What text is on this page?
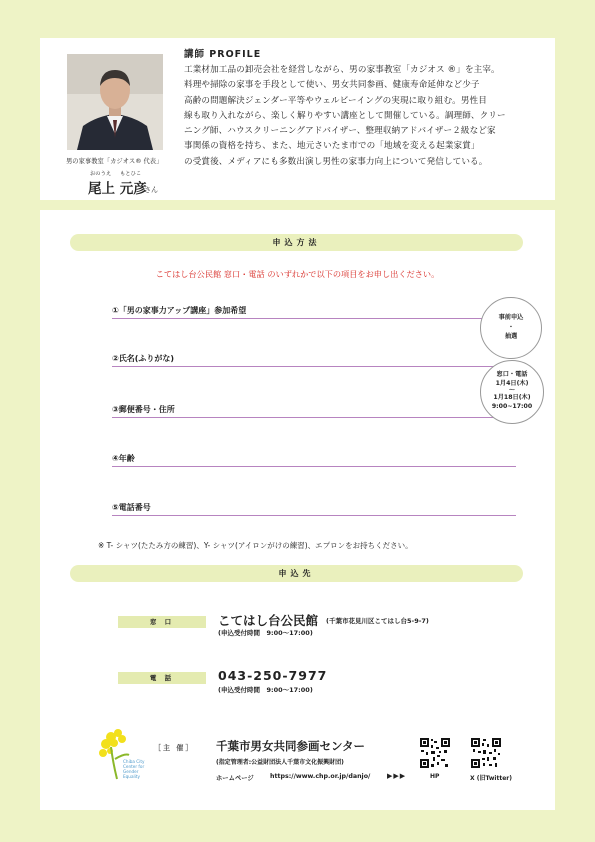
男の家事教室「カジオス® 代表」
おのうえ もとひこ
尾上 元彦
さん
講師 PROFILE
工業材加工品の卸売会社を経営しながら、男の家事教室「カジオス ®」を主宰。
料理や掃除の家事を手段として使い、男女共同参画、健康寿命延伸など少子
高齢の問題解決ジェンダー平等やウェルビーイングの実現に取り組む。男性目
線も取り入れながら、楽しく解りやすい講座として開催している。調理師、クリー
ニング師、ハウスクリーニングアドバイザー、整理収納アドバイザー２級など家
事関係の資格を持ち、また、地元さいたま市での「地域を変える起業家賞」
の受賞後、メディアにも多数出演し男性の家事力向上について発信している。
申込方法
こてはし台公民館 窓口・電話 のいずれかで以下の項目をお申し出ください。
①「男の家事力アップ講座」参加希望
②氏名(ふりがな)
③郵便番号・住所
④年齢
⑤電話番号
事前申込
・
抽選
窓口・電話
1月4日(木)
～
1月18日(木)
9:00~17:00
※ T- シャツ(たたみ方の練習)、Y- シャツ(アイロンがけの練習)、エプロンをお持ちください。
申込先
窓 口	こてはし台公民館 (千葉市花見川区こてはし台5-9-7)
(申込受付時間　9:00～17:00)
電 話	043-250-7977
(申込受付時間　9:00～17:00)
Chiba City
Center for
Gender
Equality
［主 催］ 千葉市男女共同参画センター
(指定管理者:公益財団法人千葉市文化振興財団)
ホームページ	https://www.chp.or.jp/danjo/ ▶▶▶	HP	X (旧Twitter)
